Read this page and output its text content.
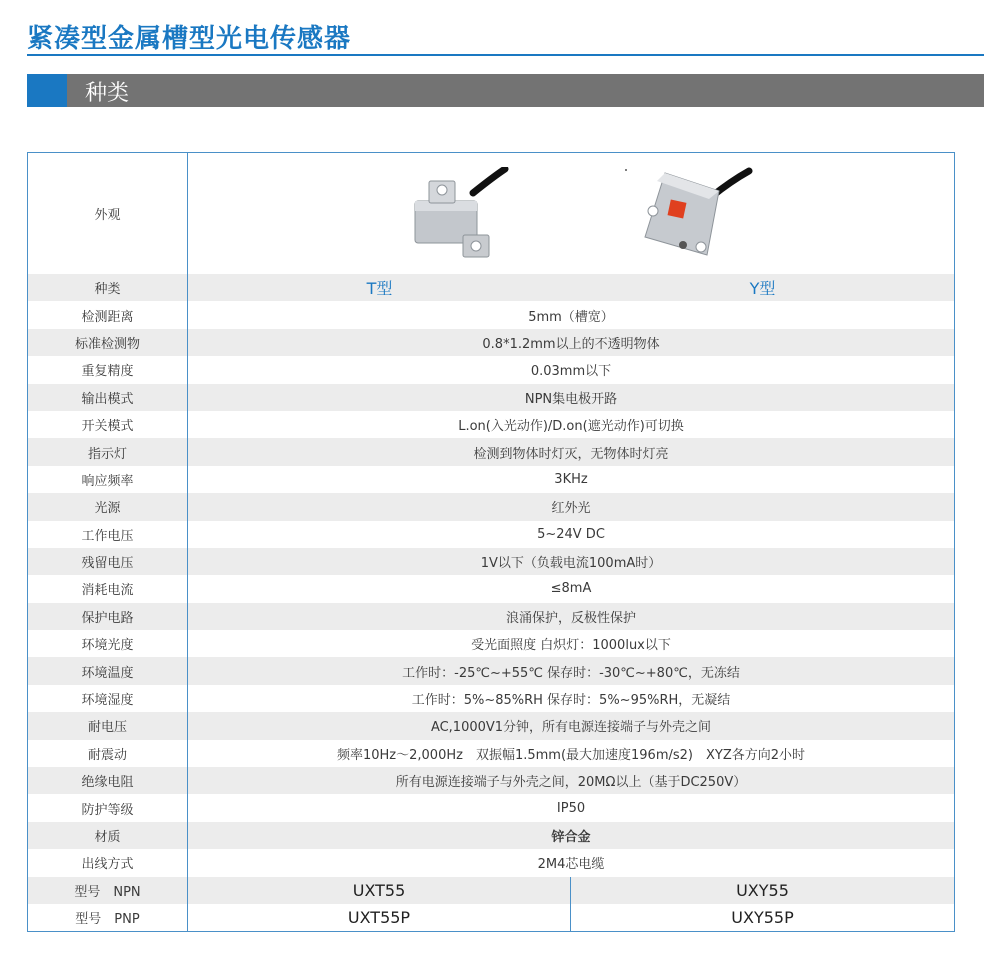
紧凑型金属槽型光电传感器
种类
外观
种类	T型	Y型
检测距离	5mm（槽宽）
标准检测物	0.8*1.2mm以上的不透明物体
重复精度	0.03mm以下
输出模式	NPN集电极开路
开关模式	L.on(入光动作)/D.on(遮光动作)可切换
指示灯	检测到物体时灯灭，无物体时灯亮
响应频率	3KHz
光源	红外光
工作电压	5~24V DC
残留电压	1V以下（负载电流100mA时）
消耗电流	≤8mA
保护电路	浪涌保护，反极性保护
环境光度	受光面照度 白炽灯：1000lux以下
环境温度	工作时：-25℃~+55℃ 保存时：-30℃~+80℃，无冻结
环境湿度	工作时：5%~85%RH 保存时：5%~95%RH，无凝结
耐电压	AC,1000V1分钟，所有电源连接端子与外壳之间
耐震动	频率10Hz～2,000Hz　双振幅1.5mm(最大加速度196m/s2)　XYZ各方向2小时
绝缘电阻	所有电源连接端子与外壳之间，20MΩ以上（基于DC250V）
防护等级	IP50
材质	锌合金
出线方式	2M4芯电缆
型号　NPN	UXT55	UXY55
型号　PNP	UXT55P	UXY55P
